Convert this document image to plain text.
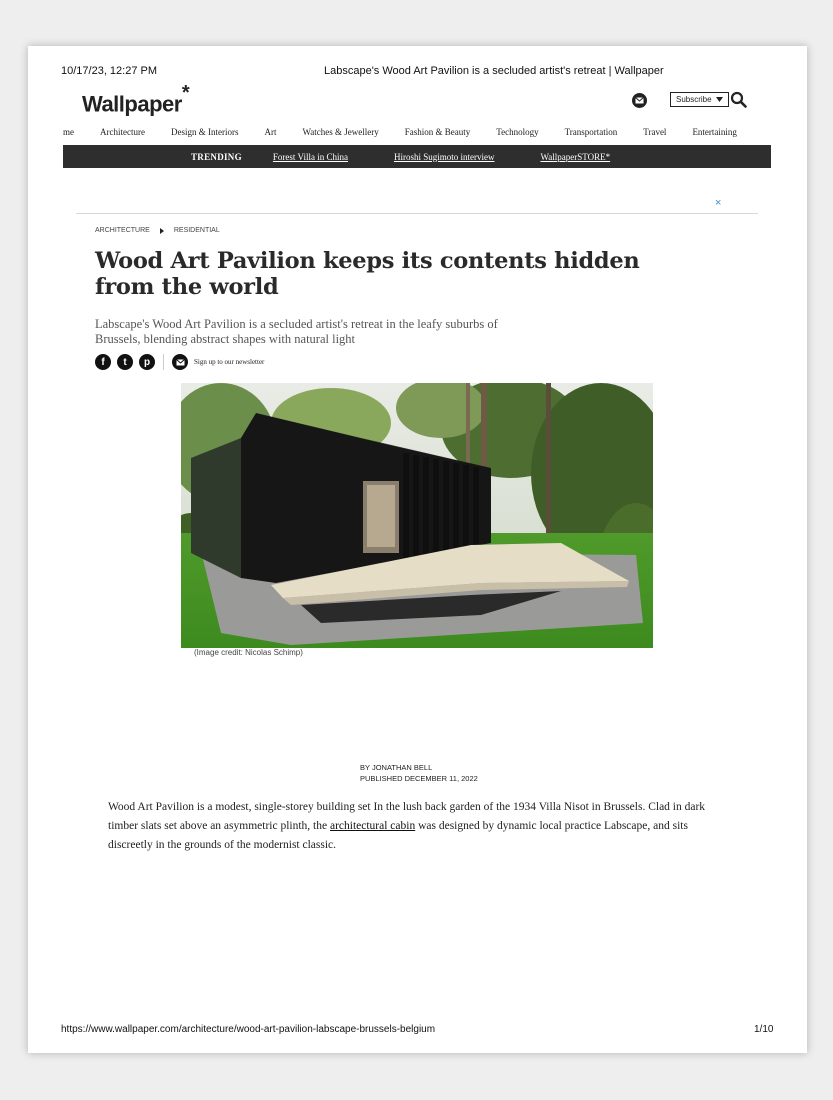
10/17/23, 12:27 PM	Labscape's Wood Art Pavilion is a secluded artist's retreat | Wallpaper
Wallpaper*	Subscribe
me	Architecture	Design & Interiors	Art	Watches & Jewellery	Fashion & Beauty	Technology	Transportation	Travel	Entertaining
TRENDING	Forest Villa in China	Hiroshi Sugimoto interview	WallpaperSTORE*
×
ARCHITECTURE	RESIDENTIAL
Wood Art Pavilion keeps its contents hidden from the world
Labscape's Wood Art Pavilion is a secluded artist's retreat in the leafy suburbs of Brussels, blending abstract shapes with natural light
f	t	p	Sign up to our newsletter
(Image credit: Nicolas Schimp)
BY JONATHAN BELL
PUBLISHED DECEMBER 11, 2022
Wood Art Pavilion is a modest, single-storey building set In the lush back garden of the 1934 Villa Nisot in Brussels. Clad in dark timber slats set above an asymmetric plinth, the architectural cabin was designed by dynamic local practice Labscape, and sits discreetly in the grounds of the modernist classic.
https://www.wallpaper.com/architecture/wood-art-pavilion-labscape-brussels-belgium	1/10
